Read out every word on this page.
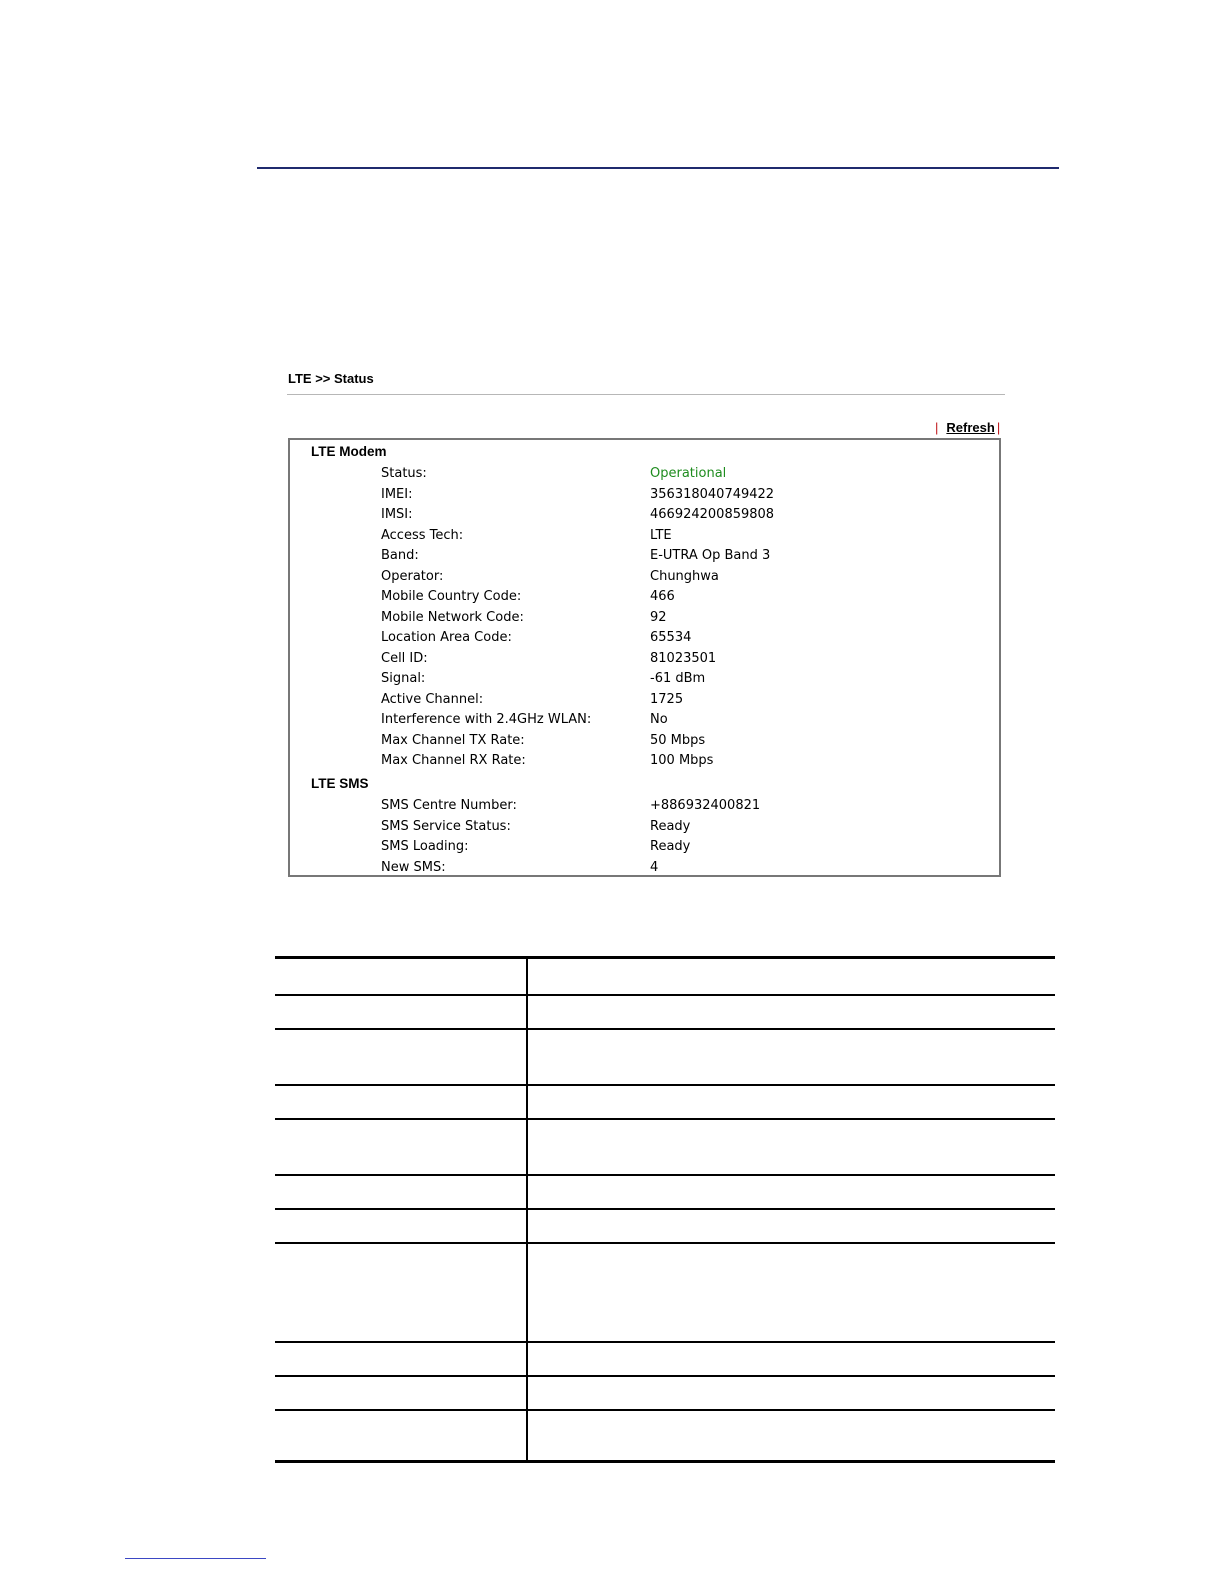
LTE >> Status
| Refresh |
LTE Modem
Status:	Operational
IMEI:	356318040749422
IMSI:	466924200859808
Access Tech:	LTE
Band:	E-UTRA Op Band 3
Operator:	Chunghwa
Mobile Country Code:	466
Mobile Network Code:	92
Location Area Code:	65534
Cell ID:	81023501
Signal:	-61 dBm
Active Channel:	1725
Interference with 2.4GHz WLAN:	No
Max Channel TX Rate:	50 Mbps
Max Channel RX Rate:	100 Mbps
LTE SMS
SMS Centre Number:	+886932400821
SMS Service Status:	Ready
SMS Loading:	Ready
New SMS:	4
